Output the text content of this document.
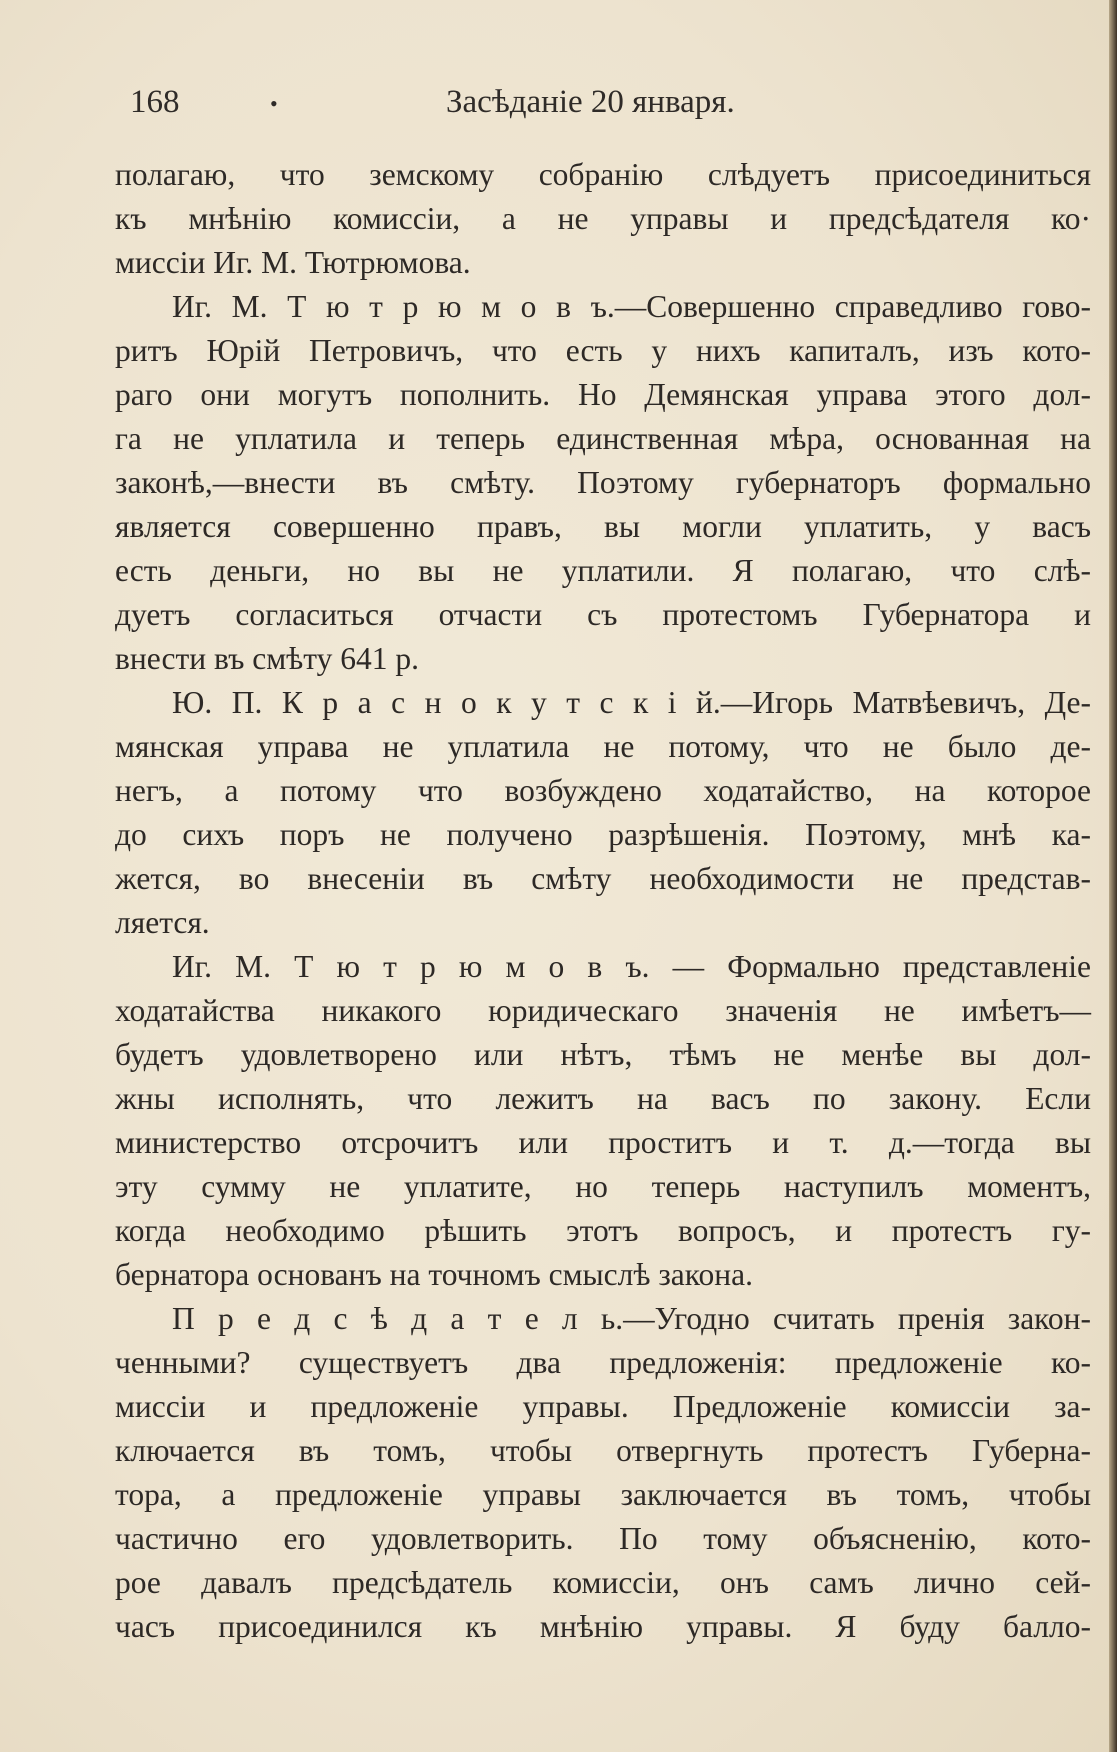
168	•	Засѣданіе 20 января.
полагаю, что земскому собранію слѣдуетъ присоединиться
къ мнѣнію комиссіи, а не управы и предсѣдателя ко·
миссіи Иг. М. Тютрюмова.
Иг. М. Т ю т р ю м о в ъ.—Совершенно справедливо гово-
ритъ Юрій Петровичъ, что есть у нихъ капиталъ, изъ кото-
раго они могутъ пополнить. Но Демянская управа этого дол-
га не уплатила и теперь единственная мѣра, основанная на
законѣ,—внести въ смѣту. Поэтому губернаторъ формально
является совершенно правъ, вы могли уплатить, у васъ
есть деньги, но вы не уплатили. Я полагаю, что слѣ-
дуетъ согласиться отчасти съ протестомъ Губернатора и
внести въ смѣту 641 р.
Ю. П. К р а с н о к у т с к і й.—Игорь Матвѣевичъ, Де-
мянская управа не уплатила не потому, что не было де-
негъ, а потому что возбуждено ходатайство, на которое
до сихъ поръ не получено разрѣшенія. Поэтому, мнѣ ка-
жется, во внесеніи въ смѣту необходимости не представ-
ляется.
Иг. М. Т ю т р ю м о в ъ. — Формально представленіе
ходатайства никакого юридическаго значенія не имѣетъ—
будетъ удовлетворено или нѣтъ, тѣмъ не менѣе вы дол-
жны исполнять, что лежитъ на васъ по закону. Если
министерство отсрочитъ или проститъ и т. д.—тогда вы
эту сумму не уплатите, но теперь наступилъ моментъ,
когда необходимо рѣшить этотъ вопросъ, и протестъ гу-
бернатора основанъ на точномъ смыслѣ закона.
П р е д с ѣ д а т е л ь.—Угодно считать пренія закон-
ченными? существуетъ два предложенія: предложеніе ко-
миссіи и предложеніе управы. Предложеніе комиссіи за-
ключается въ томъ, чтобы отвергнуть протестъ Губерна-
тора, а предложеніе управы заключается въ томъ, чтобы
частично его удовлетворить. По тому объясненію, кото-
рое давалъ предсѣдатель комиссіи, онъ самъ лично сей-
часъ присоединился къ мнѣнію управы. Я буду балло-
